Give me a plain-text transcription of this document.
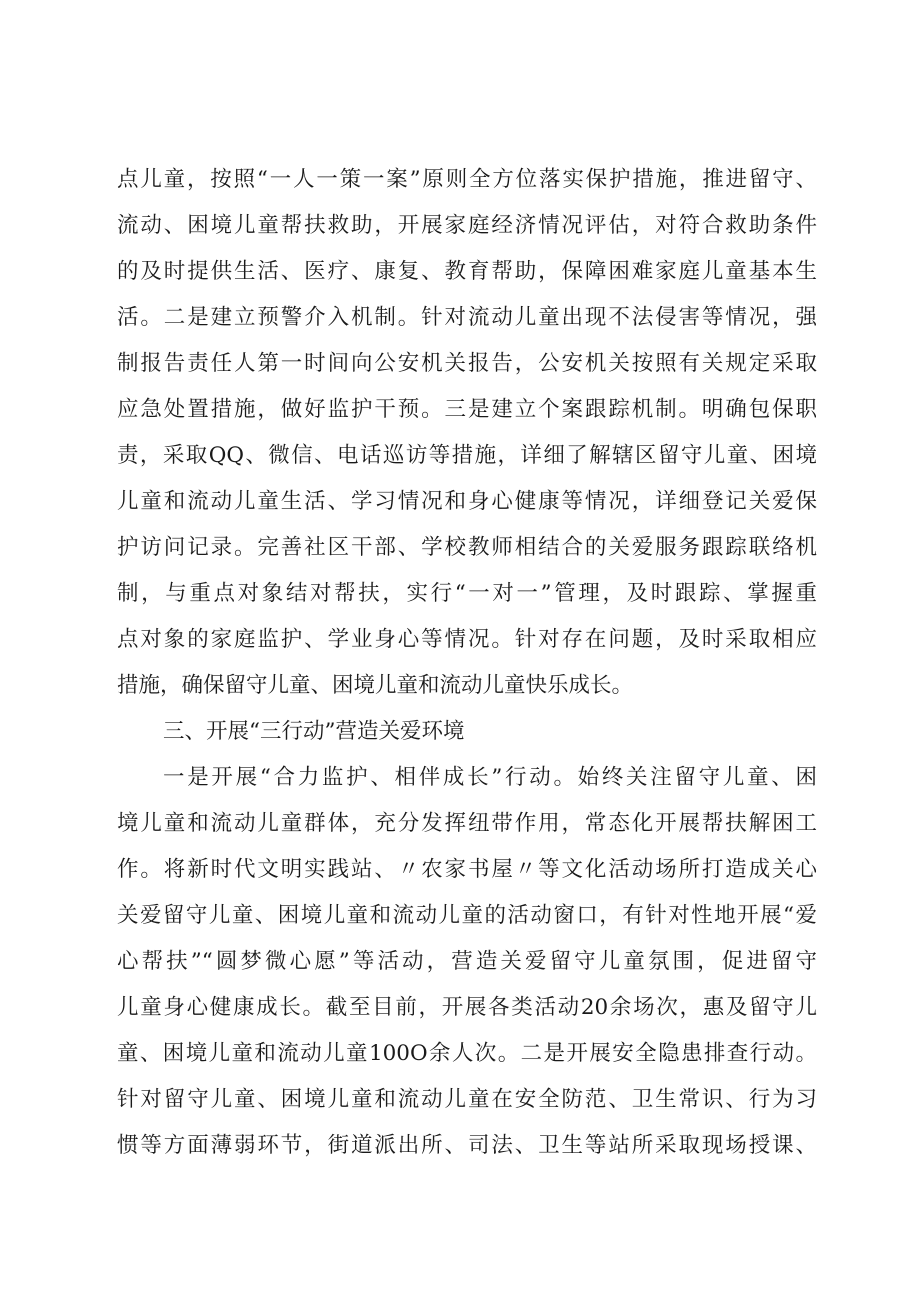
点儿童，按照“一人一策一案”原则全方位落实保护措施，推进留守、
流动、困境儿童帮扶救助，开展家庭经济情况评估，对符合救助条件
的及时提供生活、医疗、康复、教育帮助，保障困难家庭儿童基本生
活。二是建立预警介入机制。针对流动儿童出现不法侵害等情况，强
制报告责任人第一时间向公安机关报告，公安机关按照有关规定采取
应急处置措施，做好监护干预。三是建立个案跟踪机制。明确包保职
责，采取QQ、微信、电话巡访等措施，详细了解辖区留守儿童、困境
儿童和流动儿童生活、学习情况和身心健康等情况，详细登记关爱保
护访问记录。完善社区干部、学校教师相结合的关爱服务跟踪联络机
制，与重点对象结对帮扶，实行“一对一”管理，及时跟踪、掌握重
点对象的家庭监护、学业身心等情况。针对存在问题，及时采取相应
措施，确保留守儿童、困境儿童和流动儿童快乐成长。
三、开展“三行动”营造关爱环境
一是开展“合力监护、相伴成长”行动。始终关注留守儿童、困
境儿童和流动儿童群体，充分发挥纽带作用，常态化开展帮扶解困工
作。将新时代文明实践站、〃农家书屋〃等文化活动场所打造成关心
关爱留守儿童、困境儿童和流动儿童的活动窗口，有针对性地开展“爱
心帮扶”“圆梦微心愿”等活动，营造关爱留守儿童氛围，促进留守
儿童身心健康成长。截至目前，开展各类活动20余场次，惠及留守儿
童、困境儿童和流动儿童100O余人次。二是开展安全隐患排查行动。
针对留守儿童、困境儿童和流动儿童在安全防范、卫生常识、行为习
惯等方面薄弱环节，街道派出所、司法、卫生等站所采取现场授课、
